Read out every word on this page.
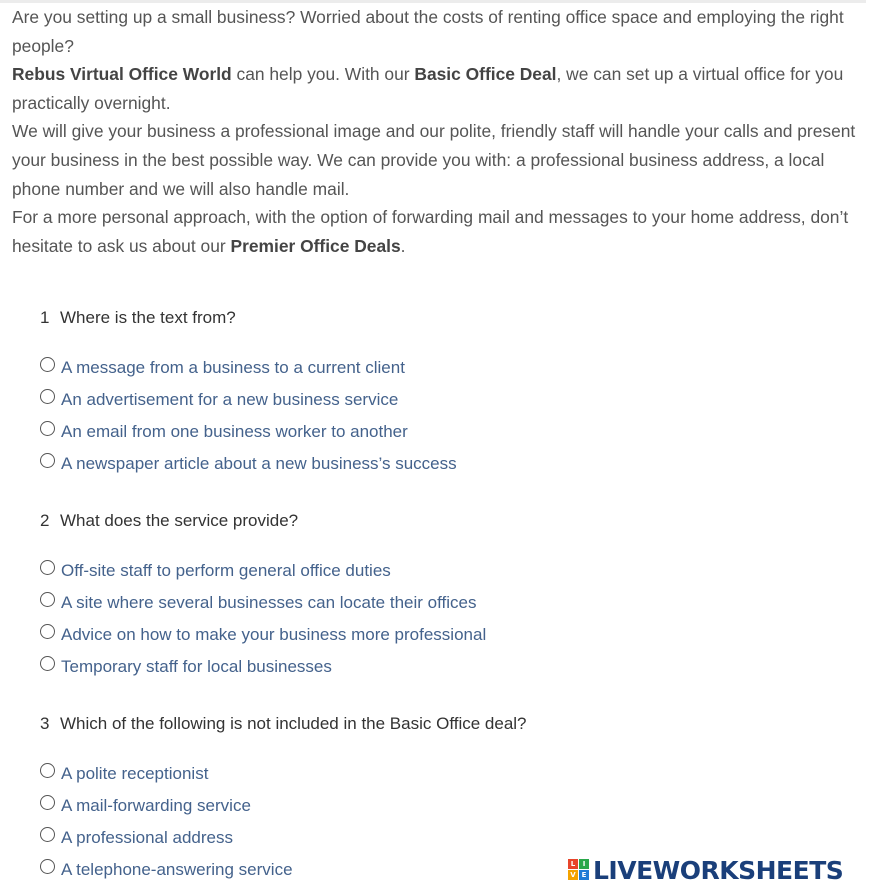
Are you setting up a small business? Worried about the costs of renting office space and employing the right people?

Rebus Virtual Office World can help you. With our Basic Office Deal, we can set up a virtual office for you practically overnight.

We will give your business a professional image and our polite, friendly staff will handle your calls and present your business in the best possible way. We can provide you with: a professional business address, a local phone number and we will also handle mail.

For a more personal approach, with the option of forwarding mail and messages to your home address, don’t hesitate to ask us about our Premier Office Deals.

1 Where is the text from?
A message from a business to a current client
An advertisement for a new business service
An email from one business worker to another
A newspaper article about a new business’s success
2 What does the service provide?
Off-site staff to perform general office duties
A site where several businesses can locate their offices
Advice on how to make your business more professional
Temporary staff for local businesses
3 Which of the following is not included in the Basic Office deal?
A polite receptionist
A mail-forwarding service
A professional address
A telephone-answering service	L	I
V E LIVEWORKSHEETS
